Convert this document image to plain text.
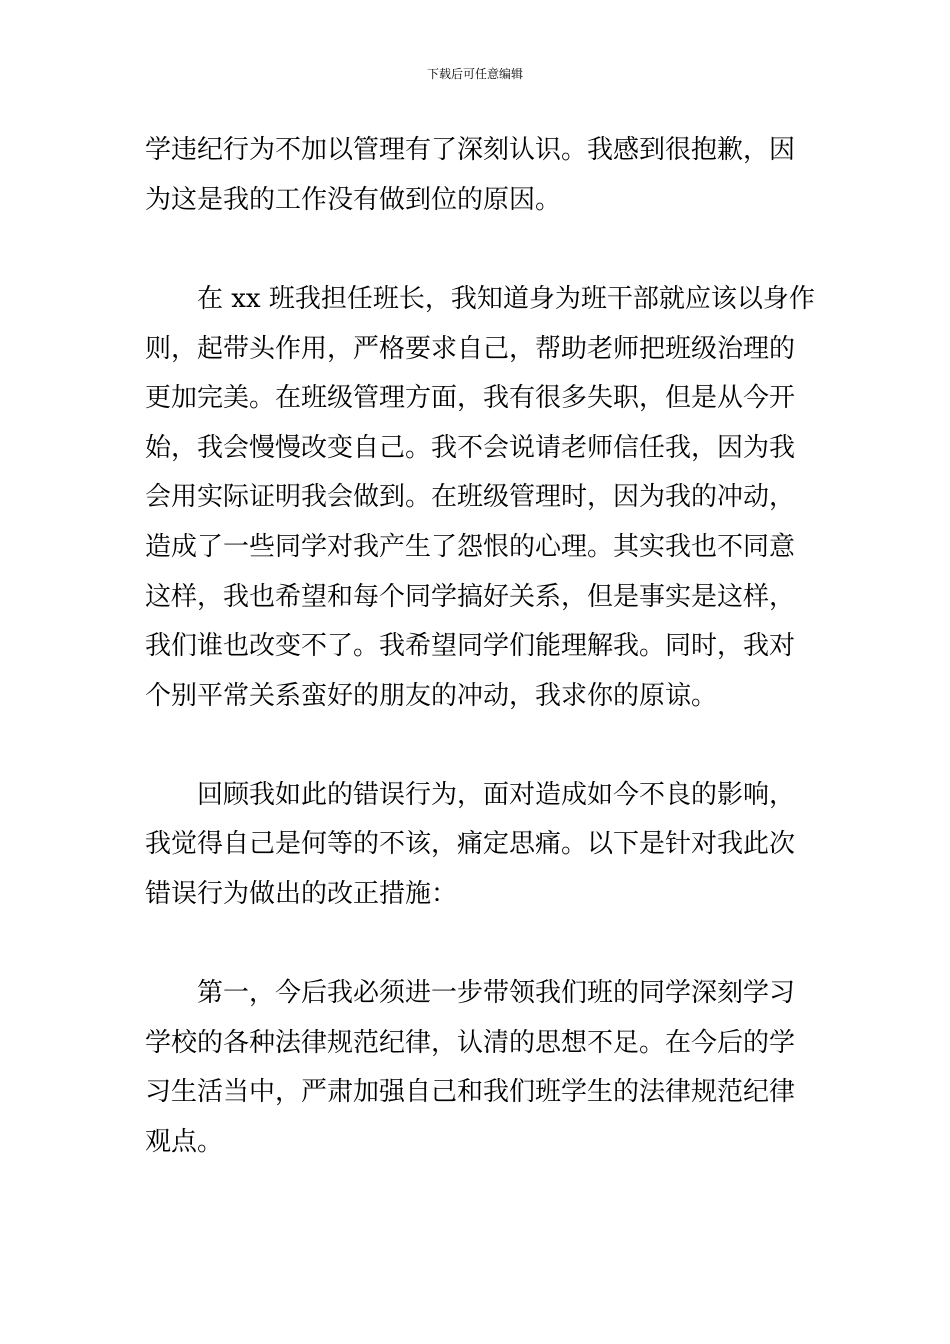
下载后可任意编辑
学违纪行为不加以管理有了深刻认识。我感到很抱歉，因
为这是我的工作没有做到位的原因。
在 xx 班我担任班长，我知道身为班干部就应该以身作
则，起带头作用，严格要求自己，帮助老师把班级治理的
更加完美。在班级管理方面，我有很多失职，但是从今开
始，我会慢慢改变自己。我不会说请老师信任我，因为我
会用实际证明我会做到。在班级管理时，因为我的冲动，
造成了一些同学对我产生了怨恨的心理。其实我也不同意
这样，我也希望和每个同学搞好关系，但是事实是这样，
我们谁也改变不了。我希望同学们能理解我。同时，我对
个别平常关系蛮好的朋友的冲动，我求你的原谅。
回顾我如此的错误行为，面对造成如今不良的影响，
我觉得自己是何等的不该，痛定思痛。以下是针对我此次
错误行为做出的改正措施：
第一，今后我必须进一步带领我们班的同学深刻学习
学校的各种法律规范纪律，认清的思想不足。在今后的学
习生活当中，严肃加强自己和我们班学生的法律规范纪律
观点。
